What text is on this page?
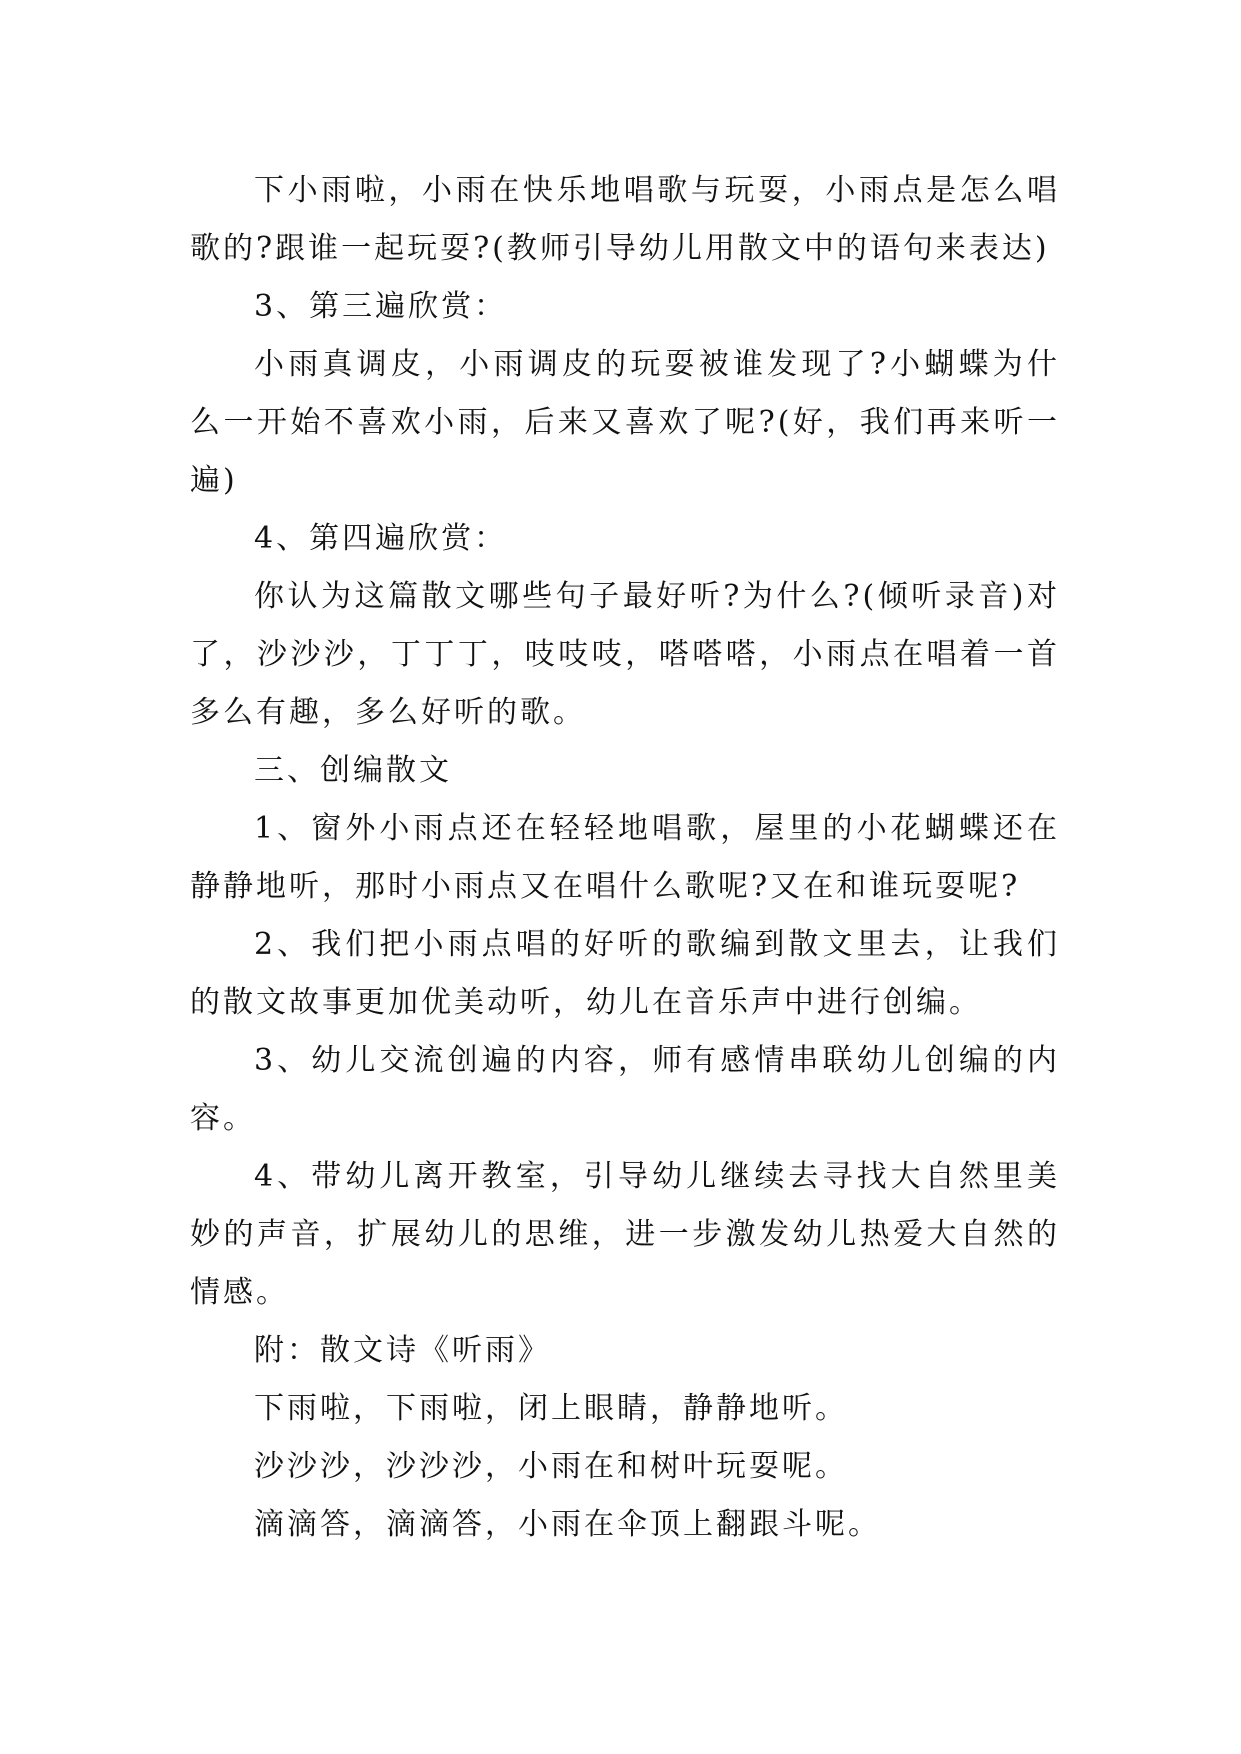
下小雨啦，小雨在快乐地唱歌与玩耍，小雨点是怎么唱歌的?跟谁一起玩耍?(教师引导幼儿用散文中的语句来表达)

3、第三遍欣赏：

小雨真调皮，小雨调皮的玩耍被谁发现了?小蝴蝶为什么一开始不喜欢小雨，后来又喜欢了呢?(好，我们再来听一遍)

4、第四遍欣赏：

你认为这篇散文哪些句子最好听?为什么?(倾听录音)对了，沙沙沙，丁丁丁，吱吱吱，嗒嗒嗒，小雨点在唱着一首多么有趣，多么好听的歌。

三、创编散文

1、窗外小雨点还在轻轻地唱歌，屋里的小花蝴蝶还在静静地听，那时小雨点又在唱什么歌呢?又在和谁玩耍呢?

2、我们把小雨点唱的好听的歌编到散文里去，让我们的散文故事更加优美动听，幼儿在音乐声中进行创编。

3、幼儿交流创遍的内容，师有感情串联幼儿创编的内容。

4、带幼儿离开教室，引导幼儿继续去寻找大自然里美妙的声音，扩展幼儿的思维，进一步激发幼儿热爱大自然的情感。

附：散文诗《听雨》

下雨啦，下雨啦，闭上眼睛，静静地听。

沙沙沙，沙沙沙，小雨在和树叶玩耍呢。

滴滴答，滴滴答，小雨在伞顶上翻跟斗呢。
